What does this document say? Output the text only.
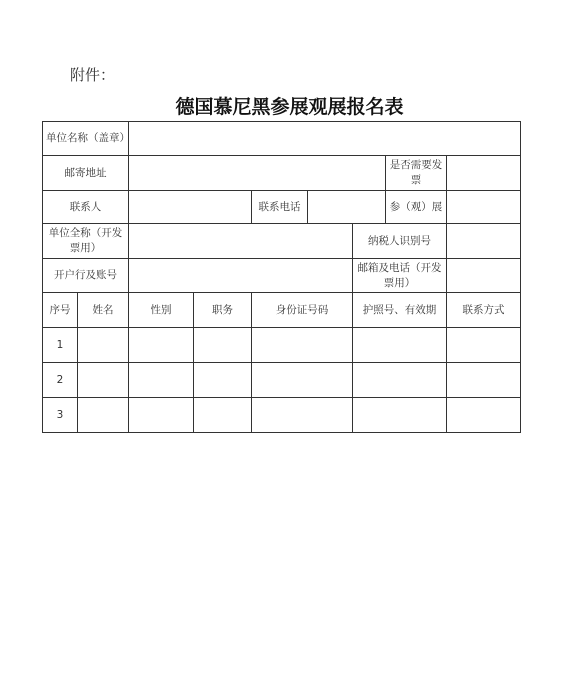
附件：
德国慕尼黑参展观展报名表
单位名称（盖章）								
邮寄地址							是否需要发票	
联系人				联系电话			参（观）展	
单位全称（开发票用）						纳税人识别号		
开户行及账号						邮箱及电话（开发票用）		
序号	姓名	性别	职务	身份证号码		护照号、有效期		联系方式
1								
2								
3								
